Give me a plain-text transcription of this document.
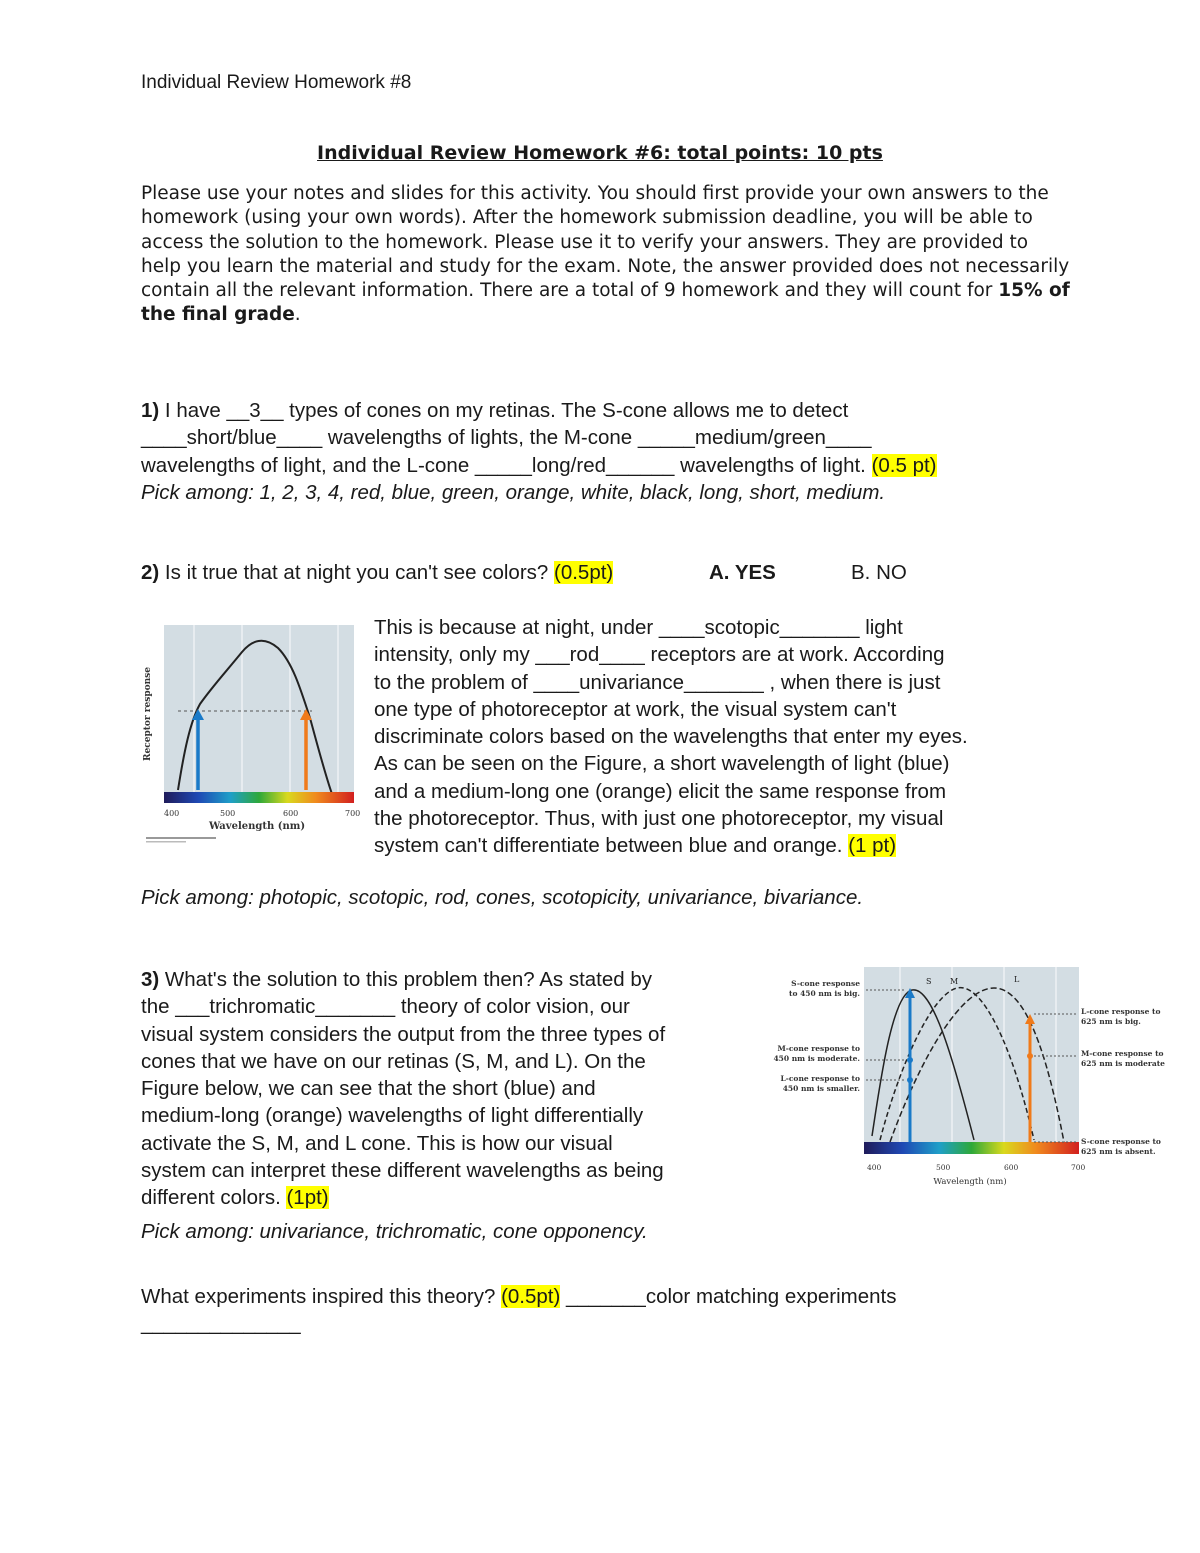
Individual Review Homework #8
Individual Review Homework #6: total points: 10 pts
Please use your notes and slides for this activity. You should first provide your own answers to the homework (using your own words). After the homework submission deadline, you will be able to access the solution to the homework. Please use it to verify your answers. They are provided to help you learn the material and study for the exam. Note, the answer provided does not necessarily contain all the relevant information. There are a total of 9 homework and they will count for 15% of the final grade.
1) I have __3__ types of cones on my retinas. The S-cone allows me to detect
____short/blue____ wavelengths of lights, the M-cone _____medium/green____
wavelengths of light, and the L-cone _____long/red______ wavelengths of light. (0.5 pt)
Pick among: 1, 2, 3, 4, red, blue, green, orange, white, black, long, short, medium.
2) Is it true that at night you can't see colors? (0.5pt)	A. YES	B. NO
Receptor response
400	500	600	700
Wavelength (nm)
This is because at night, under ____scotopic_______ light
intensity, only my ___rod____ receptors are at work. According
to the problem of ____univariance_______ , when there is just
one type of photoreceptor at work, the visual system can't
discriminate colors based on the wavelengths that enter my eyes.
As can be seen on the Figure, a short wavelength of light (blue)
and a medium-long one (orange) elicit the same response from
the photoreceptor. Thus, with just one photoreceptor, my visual
system can't differentiate between blue and orange. (1 pt)
Pick among: photopic, scotopic, rod, cones, scotopicity, univariance, bivariance.
3) What's the solution to this problem then? As stated by
the ___trichromatic_______ theory of color vision, our
visual system considers the output from the three types of
cones that we have on our retinas (S, M, and L). On the
Figure below, we can see that the short (blue) and
medium-long (orange) wavelengths of light differentially
activate the S, M, and L cone. This is how our visual
system can interpret these different wavelengths as being
different colors. (1pt)
Pick among: univariance, trichromatic, cone opponency.
S M	L
S-cone response
to 450 nm is big.
M-cone response to
450 nm is moderate.
L-cone response to
450 nm is smaller.
L-cone response to
625 nm is big.
M-cone response to
625 nm is moderate
S-cone response to
625 nm is absent.
400	500	600	700
Wavelength (nm)
What experiments inspired this theory? (0.5pt) _______color matching experiments
______________
